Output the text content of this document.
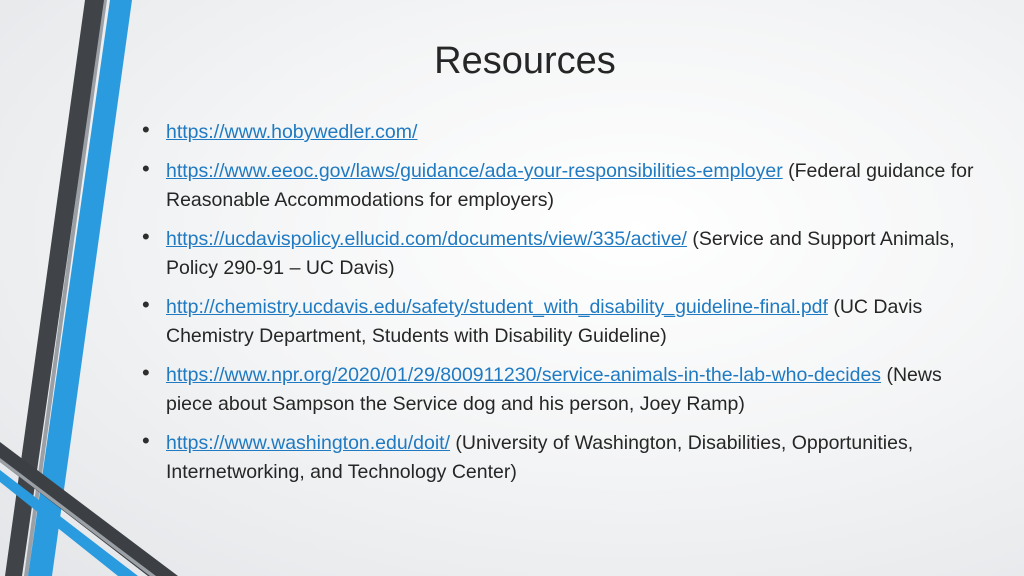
Resources
• https://www.hobywedler.com/
• https://www.eeoc.gov/laws/guidance/ada-your-responsibilities-employer (Federal guidance for Reasonable Accommodations for employers)
• https://ucdavispolicy.ellucid.com/documents/view/335/active/ (Service and Support Animals, Policy 290-91 – UC Davis)
• http://chemistry.ucdavis.edu/safety/student_with_disability_guideline-final.pdf (UC Davis Chemistry Department, Students with Disability Guideline)
• https://www.npr.org/2020/01/29/800911230/service-animals-in-the-lab-who-decides (News piece about Sampson the Service dog and his person, Joey Ramp)
• https://www.washington.edu/doit/ (University of Washington, Disabilities, Opportunities, Internetworking, and Technology Center)
